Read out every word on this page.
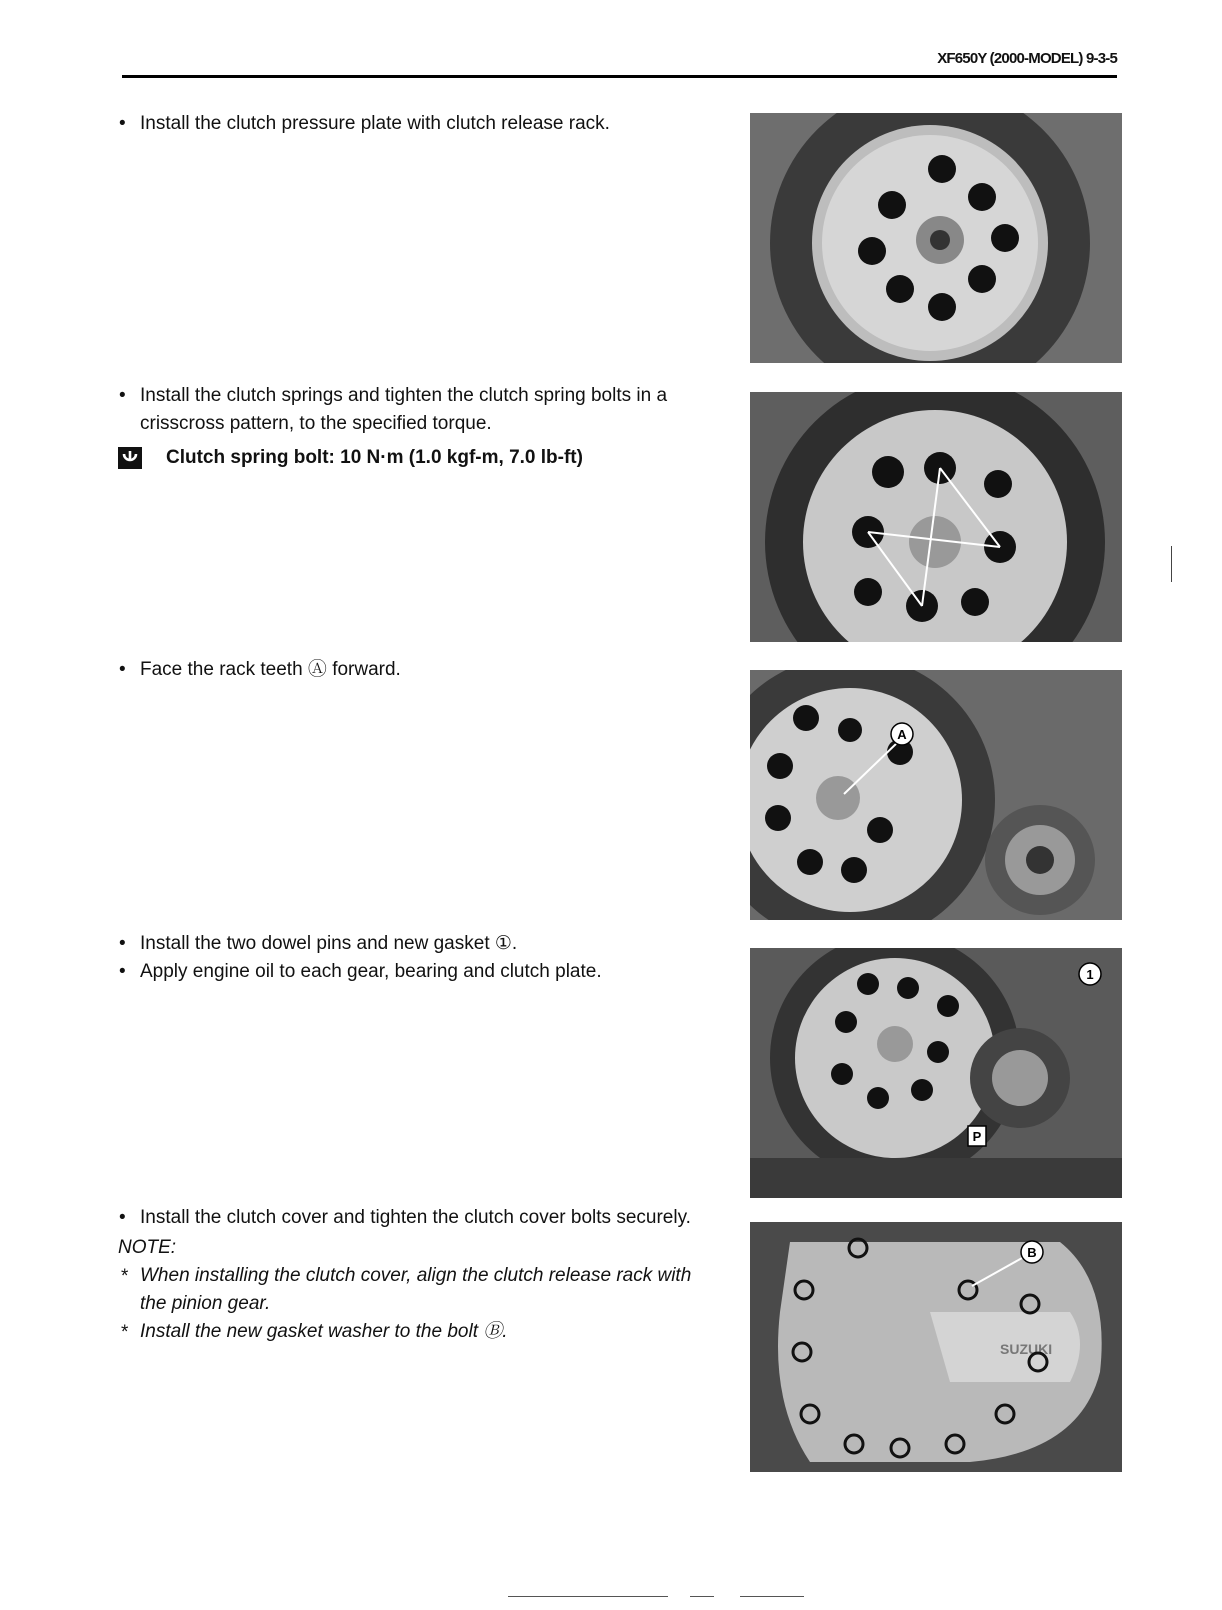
XF650Y (2000-MODEL) 9-3-5
• Install the clutch pressure plate with clutch release rack.
• Install the clutch springs and tighten the clutch spring bolts in a crisscross pattern, to the specified torque.
Clutch spring bolt: 10 N·m (1.0 kgf-m, 7.0 lb-ft)
• Face the rack teeth Ⓐ forward.
• Install the two dowel pins and new gasket ①.
• Apply engine oil to each gear, bearing and clutch plate.
• Install the clutch cover and tighten the clutch cover bolts securely.
NOTE:
* When installing the clutch cover, align the clutch release rack with the pinion gear.
* Install the new gasket washer to the bolt Ⓑ.
A
1
P
SUZUKI
B
